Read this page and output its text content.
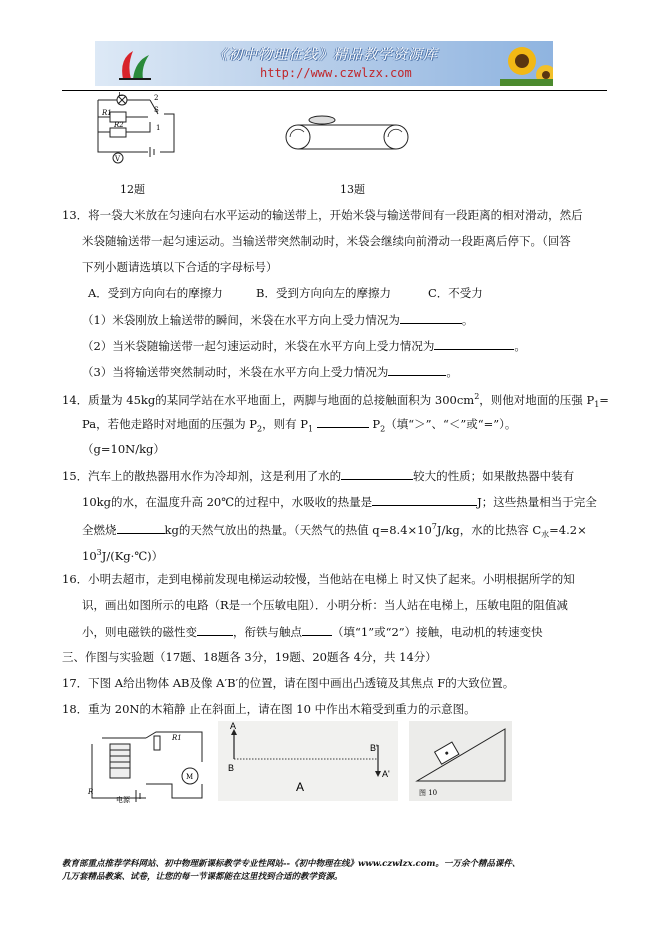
《初中物理在线》精品教学资源库
http://www.czwlzx.com
L
S
2
1
R1
R2
V
12题	13题
13．将一袋大米放在匀速向右水平运动的输送带上，开始米袋与输送带间有一段距离的相对滑动，然后
米袋随输送带一起匀速运动。当输送带突然制动时，米袋会继续向前滑动一段距离后停下。（回答
下列小题请选填以下合适的字母标号）
A．受到方向向右的摩擦力	B．受到方向向左的摩擦力	C．不受力
（1）米袋刚放上输送带的瞬间，米袋在水平方向上受力情况为	。
（2）当米袋随输送带一起匀速运动时，米袋在水平方向上受力情况为	。
（3）当将输送带突然制动时，米袋在水平方向上受力情况为	。
14．质量为 45kg的某同学站在水平地面上，两脚与地面的总接触面积为 $300cm^2$，则他对地面的压强 $P_1=$
Pa，若他走路时对地面的压强为 $P_2$，则有 $P_1$	$P_2$（填“＞”、“＜”或“=”）。
（g=10N/kg）
15．汽车上的散热器用水作为冷却剂，这是利用了水的	较大的性质；如果散热器中装有
10kg的水，在温度升高 20℃的过程中，水吸收的热量是	J；这些热量相当于完全
全燃烧	kg的天然气放出的热量。（天然气的热值 $q=8.4\times 10^7J/kg$，水的比热容 $C_水=4.2\times$
$10^3J/(Kg\cdot℃)$）
16．小明去超市，走到电梯前发现电梯运动较慢，当他站在电梯上 时又快了起来。小明根据所学的知
识，画出如图所示的电路（R是一个压敏电阻）．小明分析：当人站在电梯上，压敏电阻的阻值减
小，则电磁铁的磁性变	，衔铁与触点	（填“1”或“2”）接触，电动机的转速变快
三、作图与实验题（17题、18题各 3分，19题、20题各 4分，共 14分）
17．下图 A给出物体 AB及像 A′B′的位置，请在图中画出凸透镜及其焦点 F的大致位置。
18．重为 20N的木箱静 止在斜面上，请在图 10 中作出木箱受到重力的示意图。
R1
R
电源
M
A
B
B'
A'
A	图 10
教育部重点推荐学科网站、初中物理新课标教学专业性网站--《初中物理在线》www.czwlzx.com。一万余个精品课件、
几万套精品教案、试卷，让您的每一节课都能在这里找到合适的教学资源。
